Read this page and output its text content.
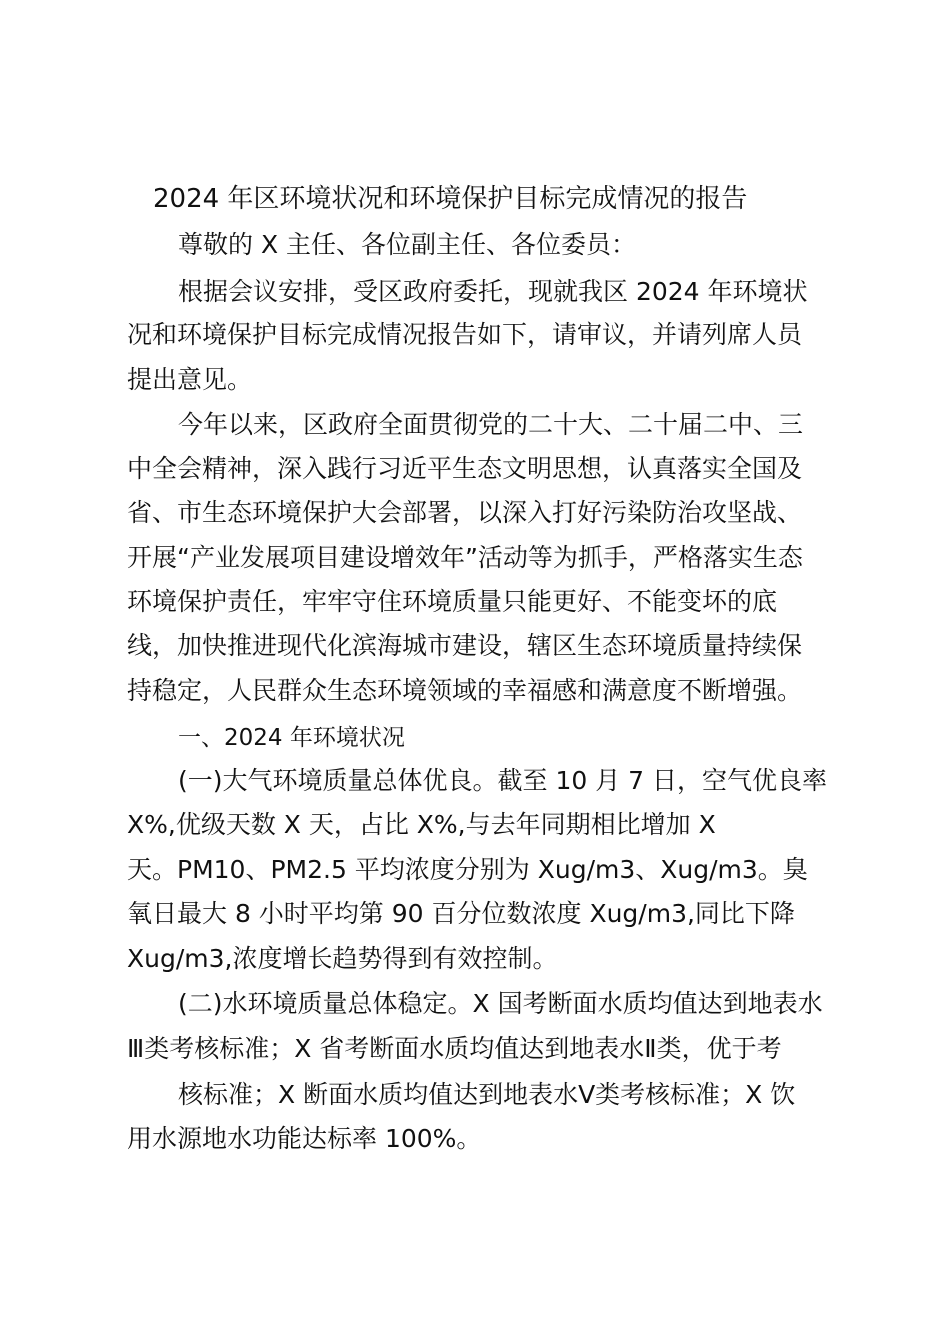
2024 年区环境状况和环境保护目标完成情况的报告
尊敬的 X 主任、各位副主任、各位委员：
根据会议安排，受区政府委托，现就我区 2024 年环境状
况和环境保护目标完成情况报告如下，请审议，并请列席人员
提出意见。
今年以来，区政府全面贯彻党的二十大、二十届二中、三
中全会精神，深入践行习近平生态文明思想，认真落实全国及
省、市生态环境保护大会部署，以深入打好污染防治攻坚战、
开展“产业发展项目建设增效年”活动等为抓手，严格落实生态
环境保护责任，牢牢守住环境质量只能更好、不能变坏的底
线，加快推进现代化滨海城市建设，辖区生态环境质量持续保
持稳定，人民群众生态环境领域的幸福感和满意度不断增强。
一、2024 年环境状况
(一)大气环境质量总体优良。截至 10 月 7 日，空气优良率
X%,优级天数 X 天，占比 X%,与去年同期相比增加 X
天。PM10、PM2.5 平均浓度分别为 Xug/m3、Xug/m3。臭
氧日最大 8 小时平均第 90 百分位数浓度 Xug/m3,同比下降
Xug/m3,浓度增长趋势得到有效控制。
(二)水环境质量总体稳定。X 国考断面水质均值达到地表水
Ⅲ类考核标准；X 省考断面水质均值达到地表水Ⅱ类，优于考
核标准；X 断面水质均值达到地表水Ⅴ类考核标准；X 饮
用水源地水功能达标率 100%。
